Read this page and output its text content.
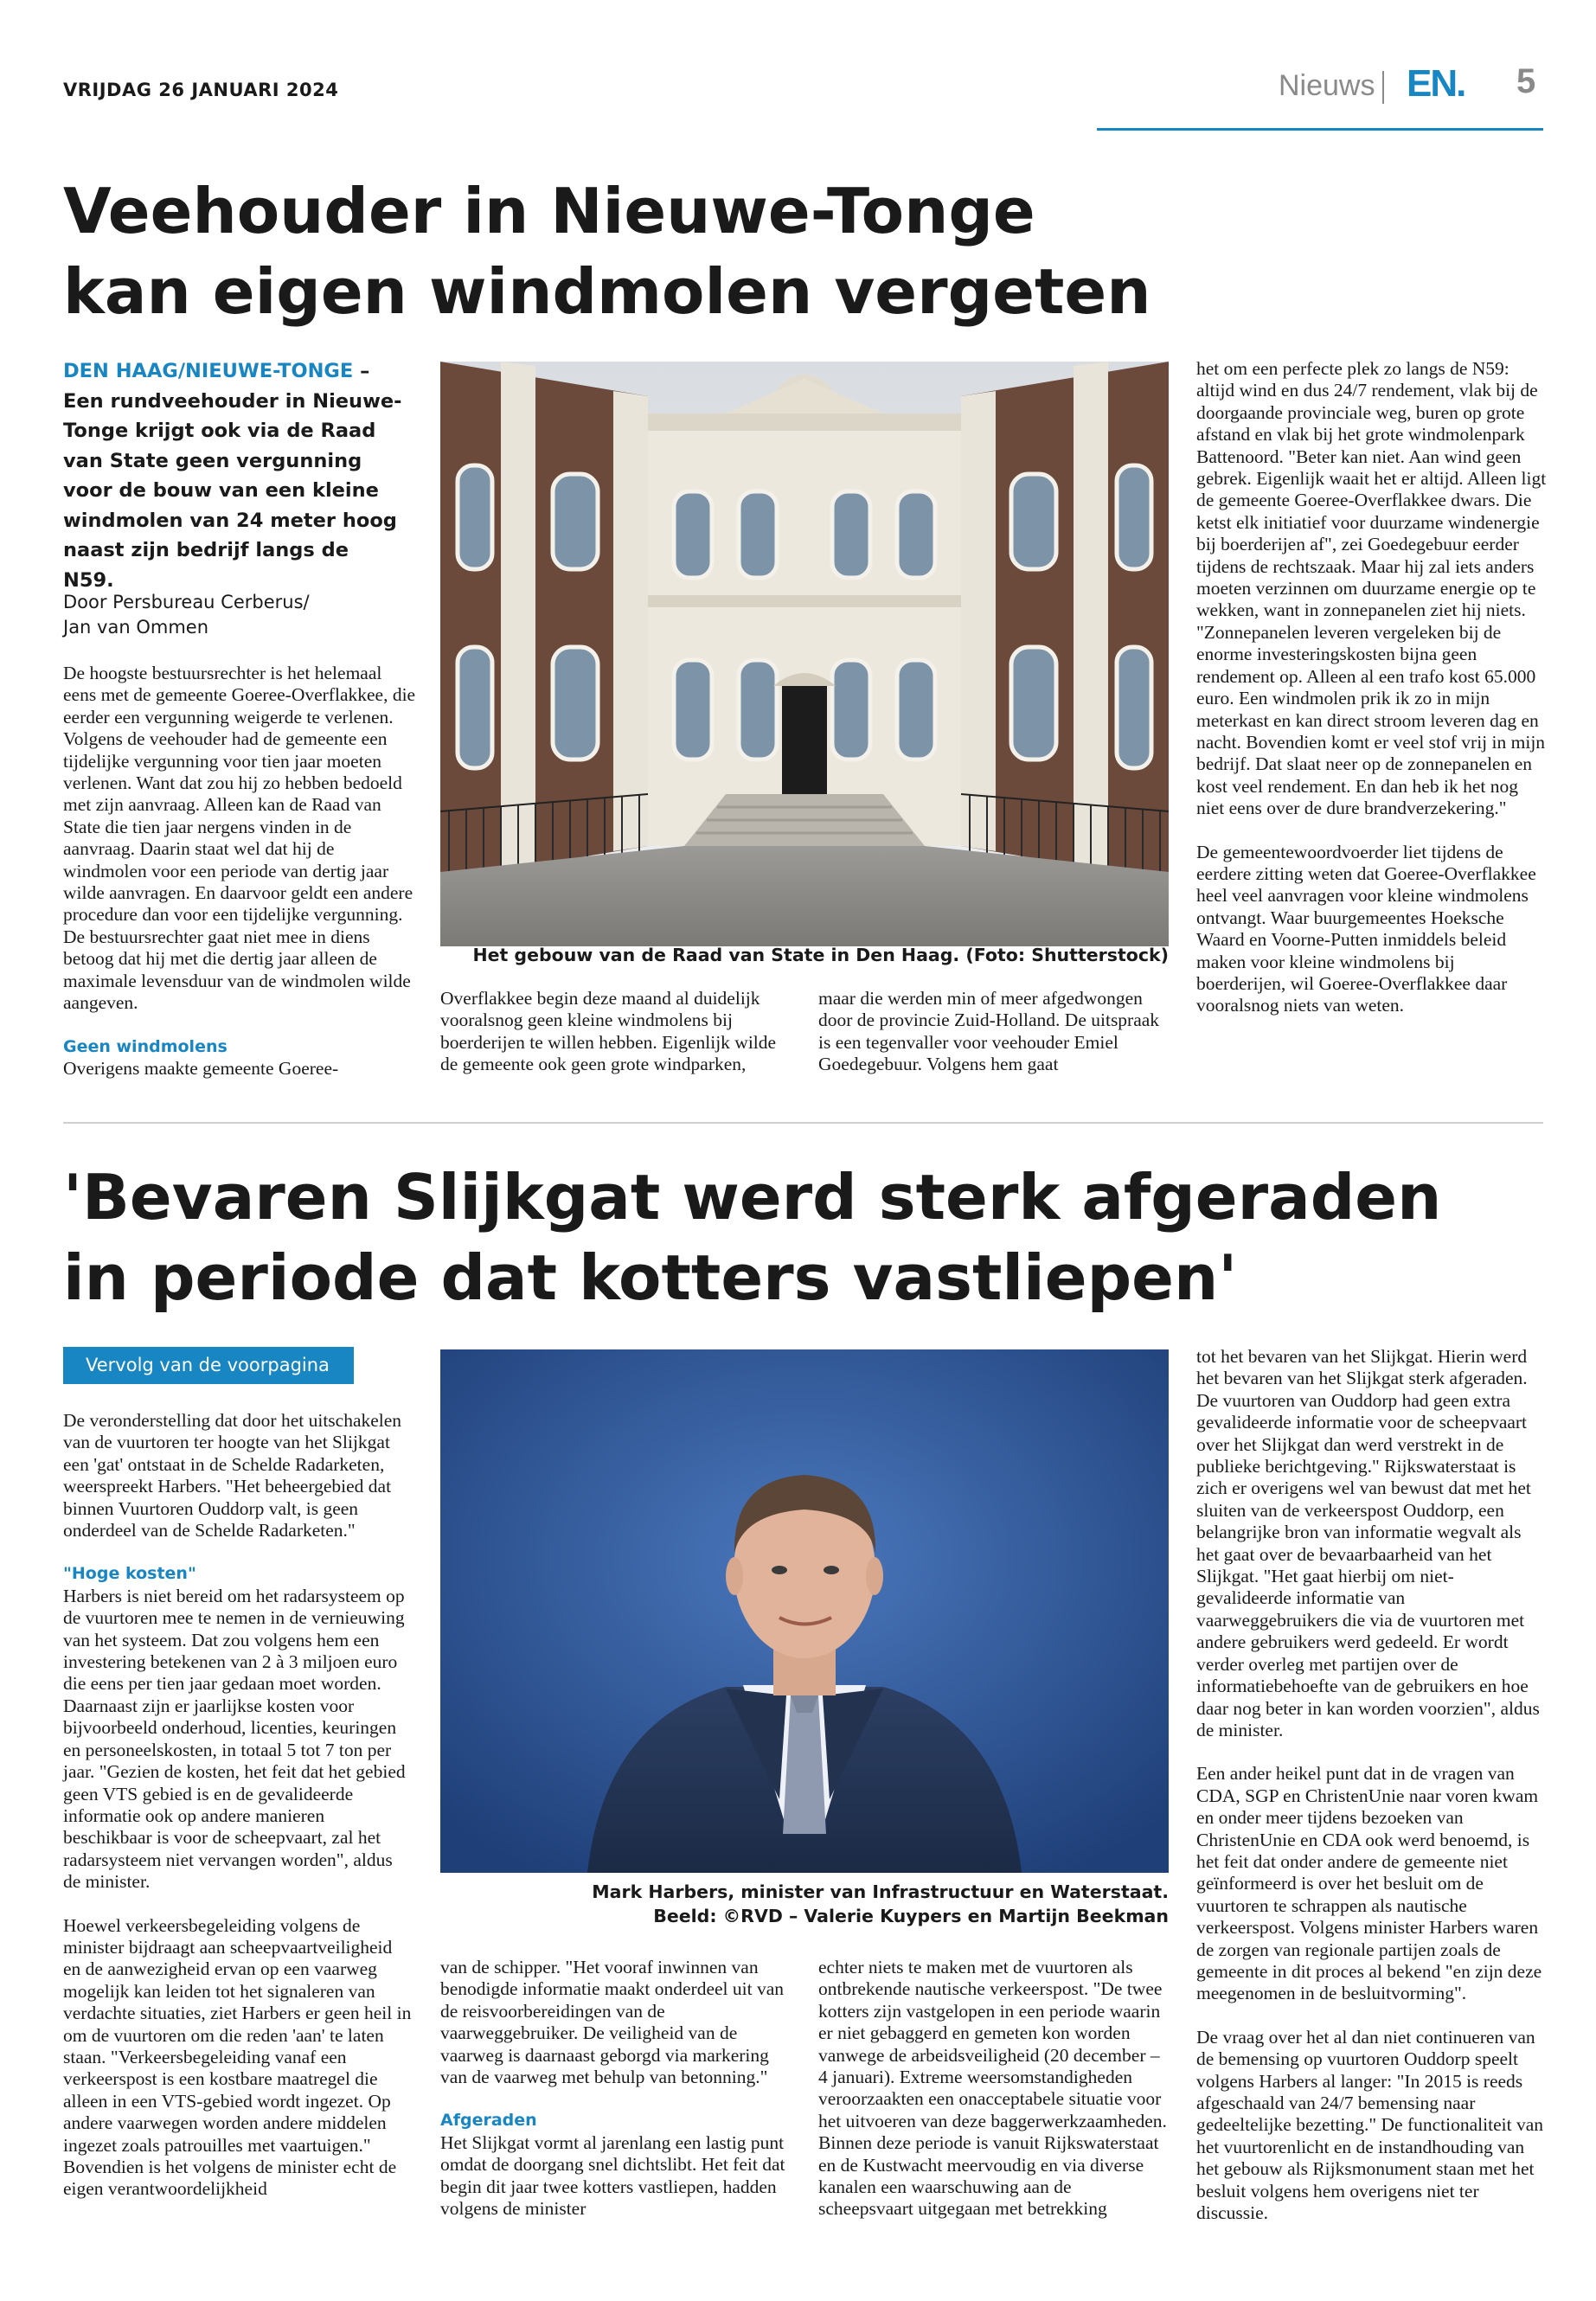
VRIJDAG 26 JANUARI 2024	Nieuws EN. 5
Veehouder in Nieuwe-Tonge
kan eigen windmolen vergeten
DEN HAAG/NIEUWE-TONGE – Een rundveehouder in Nieuwe-Tonge krijgt ook via de Raad van State geen vergunning voor de bouw van een kleine windmolen van 24 meter hoog naast zijn bedrijf langs de N59.
Door Persbureau Cerberus/
Jan van Ommen

De hoogste bestuursrechter is het helemaal eens met de gemeente Goeree-Overflakkee, die eerder een vergunning weigerde te verlenen. Volgens de veehouder had de gemeente een tijdelijke vergunning voor tien jaar moeten verlenen. Want dat zou hij zo hebben bedoeld met zijn aanvraag. Alleen kan de Raad van State die tien jaar nergens vinden in de aanvraag. Daarin staat wel dat hij de windmolen voor een periode van dertig jaar wilde aanvragen. En daarvoor geldt een andere procedure dan voor een tijdelijke vergunning. De bestuursrechter gaat niet mee in diens betoog dat hij met die dertig jaar alleen de maximale levensduur van de windmolen wilde aangeven.

Geen windmolens

Overigens maakte gemeente Goeree-

Het gebouw van de Raad van State in Den Haag. (Foto: Shutterstock)

Overflakkee begin deze maand al duidelijk vooralsnog geen kleine windmolens bij boerderijen te willen hebben. Eigenlijk wilde de gemeente ook geen grote windparken,

maar die werden min of meer afgedwongen door de provincie Zuid-Holland. De uitspraak is een tegenvaller voor veehouder Emiel Goedegebuur. Volgens hem gaat

het om een perfecte plek zo langs de N59: altijd wind en dus 24/7 rendement, vlak bij de doorgaande provinciale weg, buren op grote afstand en vlak bij het grote windmolenpark Battenoord. "Beter kan niet. Aan wind geen gebrek. Eigenlijk waait het er altijd. Alleen ligt de gemeente Goeree-Overflakkee dwars. Die ketst elk initiatief voor duurzame windenergie bij boerderijen af", zei Goedegebuur eerder tijdens de rechtszaak. Maar hij zal iets anders moeten verzinnen om duurzame energie op te wekken, want in zonnepanelen ziet hij niets. "Zonnepanelen leveren vergeleken bij de enorme investeringskosten bijna geen rendement op. Alleen al een trafo kost 65.000 euro. Een windmolen prik ik zo in mijn meterkast en kan direct stroom leveren dag en nacht. Bovendien komt er veel stof vrij in mijn bedrijf. Dat slaat neer op de zonnepanelen en kost veel rendement. En dan heb ik het nog niet eens over de dure brandverzekering."

De gemeentewoordvoerder liet tijdens de eerdere zitting weten dat Goeree-Overflakkee heel veel aanvragen voor kleine windmolens ontvangt. Waar buurgemeentes Hoeksche Waard en Voorne-Putten inmiddels beleid maken voor kleine windmolens bij boerderijen, wil Goeree-Overflakkee daar vooralsnog niets van weten.

'Bevaren Slijkgat werd sterk afgeraden
in periode dat kotters vastliepen'
Vervolg van de voorpagina

De veronderstelling dat door het uitschakelen van de vuurtoren ter hoogte van het Slijkgat een 'gat' ontstaat in de Schelde Radarketen, weerspreekt Harbers. "Het beheergebied dat binnen Vuurtoren Ouddorp valt, is geen onderdeel van de Schelde Radarketen."

"Hoge kosten"

Harbers is niet bereid om het radarsysteem op de vuurtoren mee te nemen in de vernieuwing van het systeem. Dat zou volgens hem een investering betekenen van 2 à 3 miljoen euro die eens per tien jaar gedaan moet worden. Daarnaast zijn er jaarlijkse kosten voor bijvoorbeeld onderhoud, licenties, keuringen en personeelskosten, in totaal 5 tot 7 ton per jaar. "Gezien de kosten, het feit dat het gebied geen VTS gebied is en de gevalideerde informatie ook op andere manieren beschikbaar is voor de scheepvaart, zal het radarsysteem niet vervangen worden", aldus de minister.

Hoewel verkeersbegeleiding volgens de minister bijdraagt aan scheepvaartveiligheid en de aanwezigheid ervan op een vaarweg mogelijk kan leiden tot het signaleren van verdachte situaties, ziet Harbers er geen heil in om de vuurtoren om die reden 'aan' te laten staan. "Verkeersbegeleiding vanaf een verkeerspost is een kostbare maatregel die alleen in een VTS-gebied wordt ingezet. Op andere vaarwegen worden andere middelen ingezet zoals patrouilles met vaartuigen." Bovendien is het volgens de minister echt de eigen verantwoordelijkheid

Mark Harbers, minister van Infrastructuur en Waterstaat.
Beeld: ©RVD – Valerie Kuypers en Martijn Beekman

van de schipper. "Het vooraf inwinnen van benodigde informatie maakt onderdeel uit van de reisvoorbereidingen van de vaarweggebruiker. De veiligheid van de vaarweg is daarnaast geborgd via markering van de vaarweg met behulp van betonning."

Afgeraden

Het Slijkgat vormt al jarenlang een lastig punt omdat de doorgang snel dichtslibt. Het feit dat begin dit jaar twee kotters vastliepen, hadden volgens de minister

echter niets te maken met de vuurtoren als ontbrekende nautische verkeerspost. "De twee kotters zijn vastgelopen in een periode waarin er niet gebaggerd en gemeten kon worden vanwege de arbeidsveiligheid (20 december – 4 januari). Extreme weersomstandigheden veroorzaakten een onacceptabele situatie voor het uitvoeren van deze baggerwerkzaamheden. Binnen deze periode is vanuit Rijkswaterstaat en de Kustwacht meervoudig en via diverse kanalen een waarschuwing aan de scheepsvaart uitgegaan met betrekking

tot het bevaren van het Slijkgat. Hierin werd het bevaren van het Slijkgat sterk afgeraden. De vuurtoren van Ouddorp had geen extra gevalideerde informatie voor de scheepvaart over het Slijkgat dan werd verstrekt in de publieke berichtgeving." Rijkswaterstaat is zich er overigens wel van bewust dat met het sluiten van de verkeerspost Ouddorp, een belangrijke bron van informatie wegvalt als het gaat over de bevaarbaarheid van het Slijkgat. "Het gaat hierbij om niet-gevalideerde informatie van vaarweggebruikers die via de vuurtoren met andere gebruikers werd gedeeld. Er wordt verder overleg met partijen over de informatiebehoefte van de gebruikers en hoe daar nog beter in kan worden voorzien", aldus de minister.

Een ander heikel punt dat in de vragen van CDA, SGP en ChristenUnie naar voren kwam en onder meer tijdens bezoeken van ChristenUnie en CDA ook werd benoemd, is het feit dat onder andere de gemeente niet geïnformeerd is over het besluit om de vuurtoren te schrappen als nautische verkeerspost. Volgens minister Harbers waren de zorgen van regionale partijen zoals de gemeente in dit proces al bekend "en zijn deze meegenomen in de besluitvorming".

De vraag over het al dan niet continueren van de bemensing op vuurtoren Ouddorp speelt volgens Harbers al langer: "In 2015 is reeds afgeschaald van 24/7 bemensing naar gedeeltelijke bezetting." De functionaliteit van het vuurtorenlicht en de instandhouding van het gebouw als Rijksmonument staan met het besluit volgens hem overigens niet ter discussie.
